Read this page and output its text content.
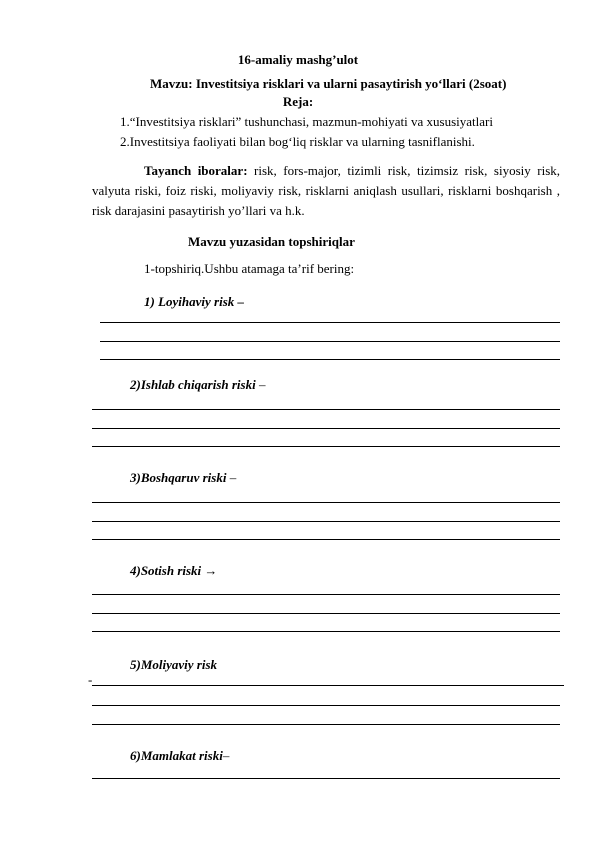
16-amaliy mashg’ulot
Mavzu: Investitsiya risklari va ularni pasaytirish yo‘llari (2soat)
Reja:
1.“Investitsiya risklari” tushunchasi, mazmun-mohiyati va xususiyatlari
2.Investitsiya faoliyati bilan bog‘liq risklar va ularning tasniflanishi.
Tayanch iboralar: risk, fors-major, tizimli risk, tizimsiz risk, siyosiy risk, valyuta riski, foiz riski, moliyaviy risk, risklarni aniqlash usullari, risklarni boshqarish , risk darajasini pasaytirish yo’llari va h.k.
Mavzu yuzasidan topshiriqlar
1-topshiriq.Ushbu atamaga ta’rif bering:
1) Loyihaviy risk –
2)Ishlab chiqarish riski –
3)Boshqaruv riski –
4)Sotish riski →
5)Moliyaviy risk
-
6)Mamlakat riski–
